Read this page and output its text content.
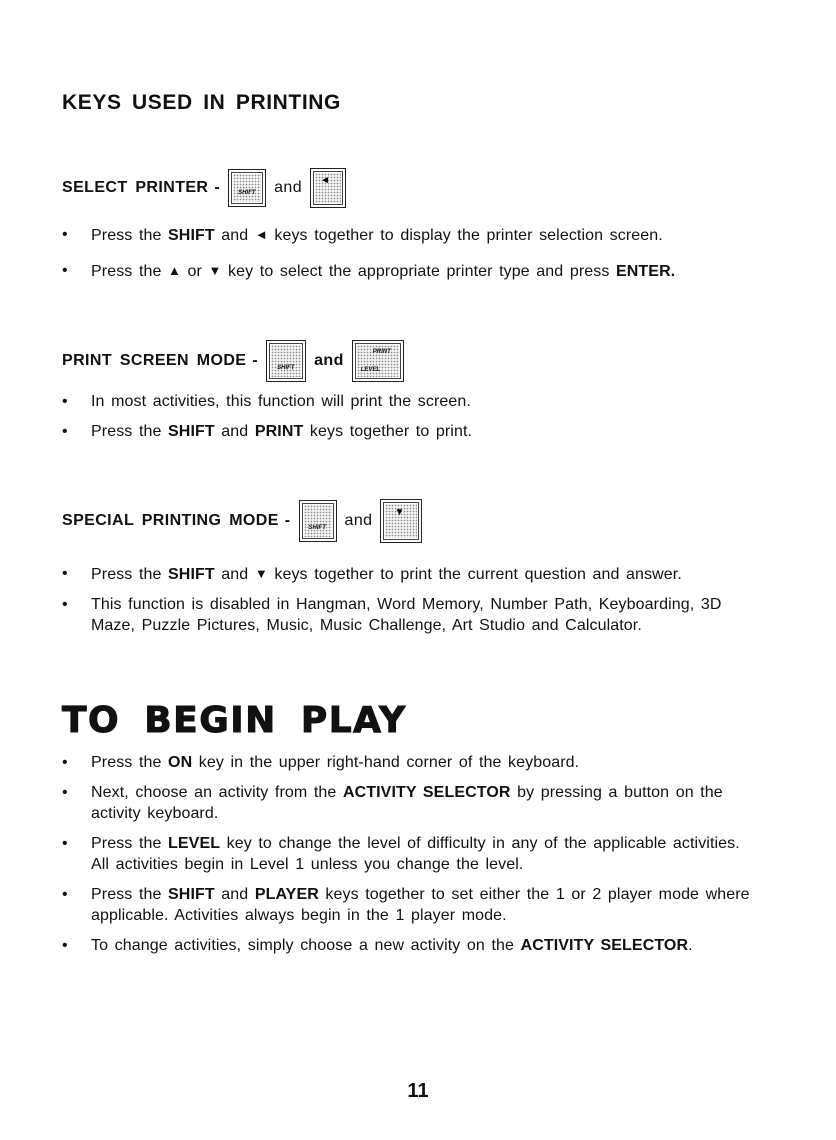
KEYS USED IN PRINTING
SELECT PRINTER -	SHIFT and ◄
•	Press the SHIFT and ◄ keys together to display the printer selection screen.
•	Press the ▲ or ▼ key to select the appropriate printer type and press ENTER.
PRINT SCREEN MODE -	SHIFT and	PRINT
LEVEL
•	In most activities, this function will print the screen.
•	Press the SHIFT and PRINT keys together to print.
SPECIAL PRINTING MODE -	SHIFT and ▼
•	Press the SHIFT and ▼ keys together to print the current question and answer.
•	This function is disabled in Hangman, Word Memory, Number Path, Keyboarding, 3D Maze, Puzzle Pictures, Music, Music Challenge, Art Studio and Calculator.
TO BEGIN PLAY
•	Press the ON key in the upper right-hand corner of the keyboard.
•	Next, choose an activity from the ACTIVITY SELECTOR by pressing a button on the activity keyboard.
•	Press the LEVEL key to change the level of difficulty in any of the applicable activities. All activities begin in Level 1 unless you change the level.
•	Press the SHIFT and PLAYER keys together to set either the 1 or 2 player mode where applicable. Activities always begin in the 1 player mode.
•	To change activities, simply choose a new activity on the ACTIVITY SELECTOR.
11
